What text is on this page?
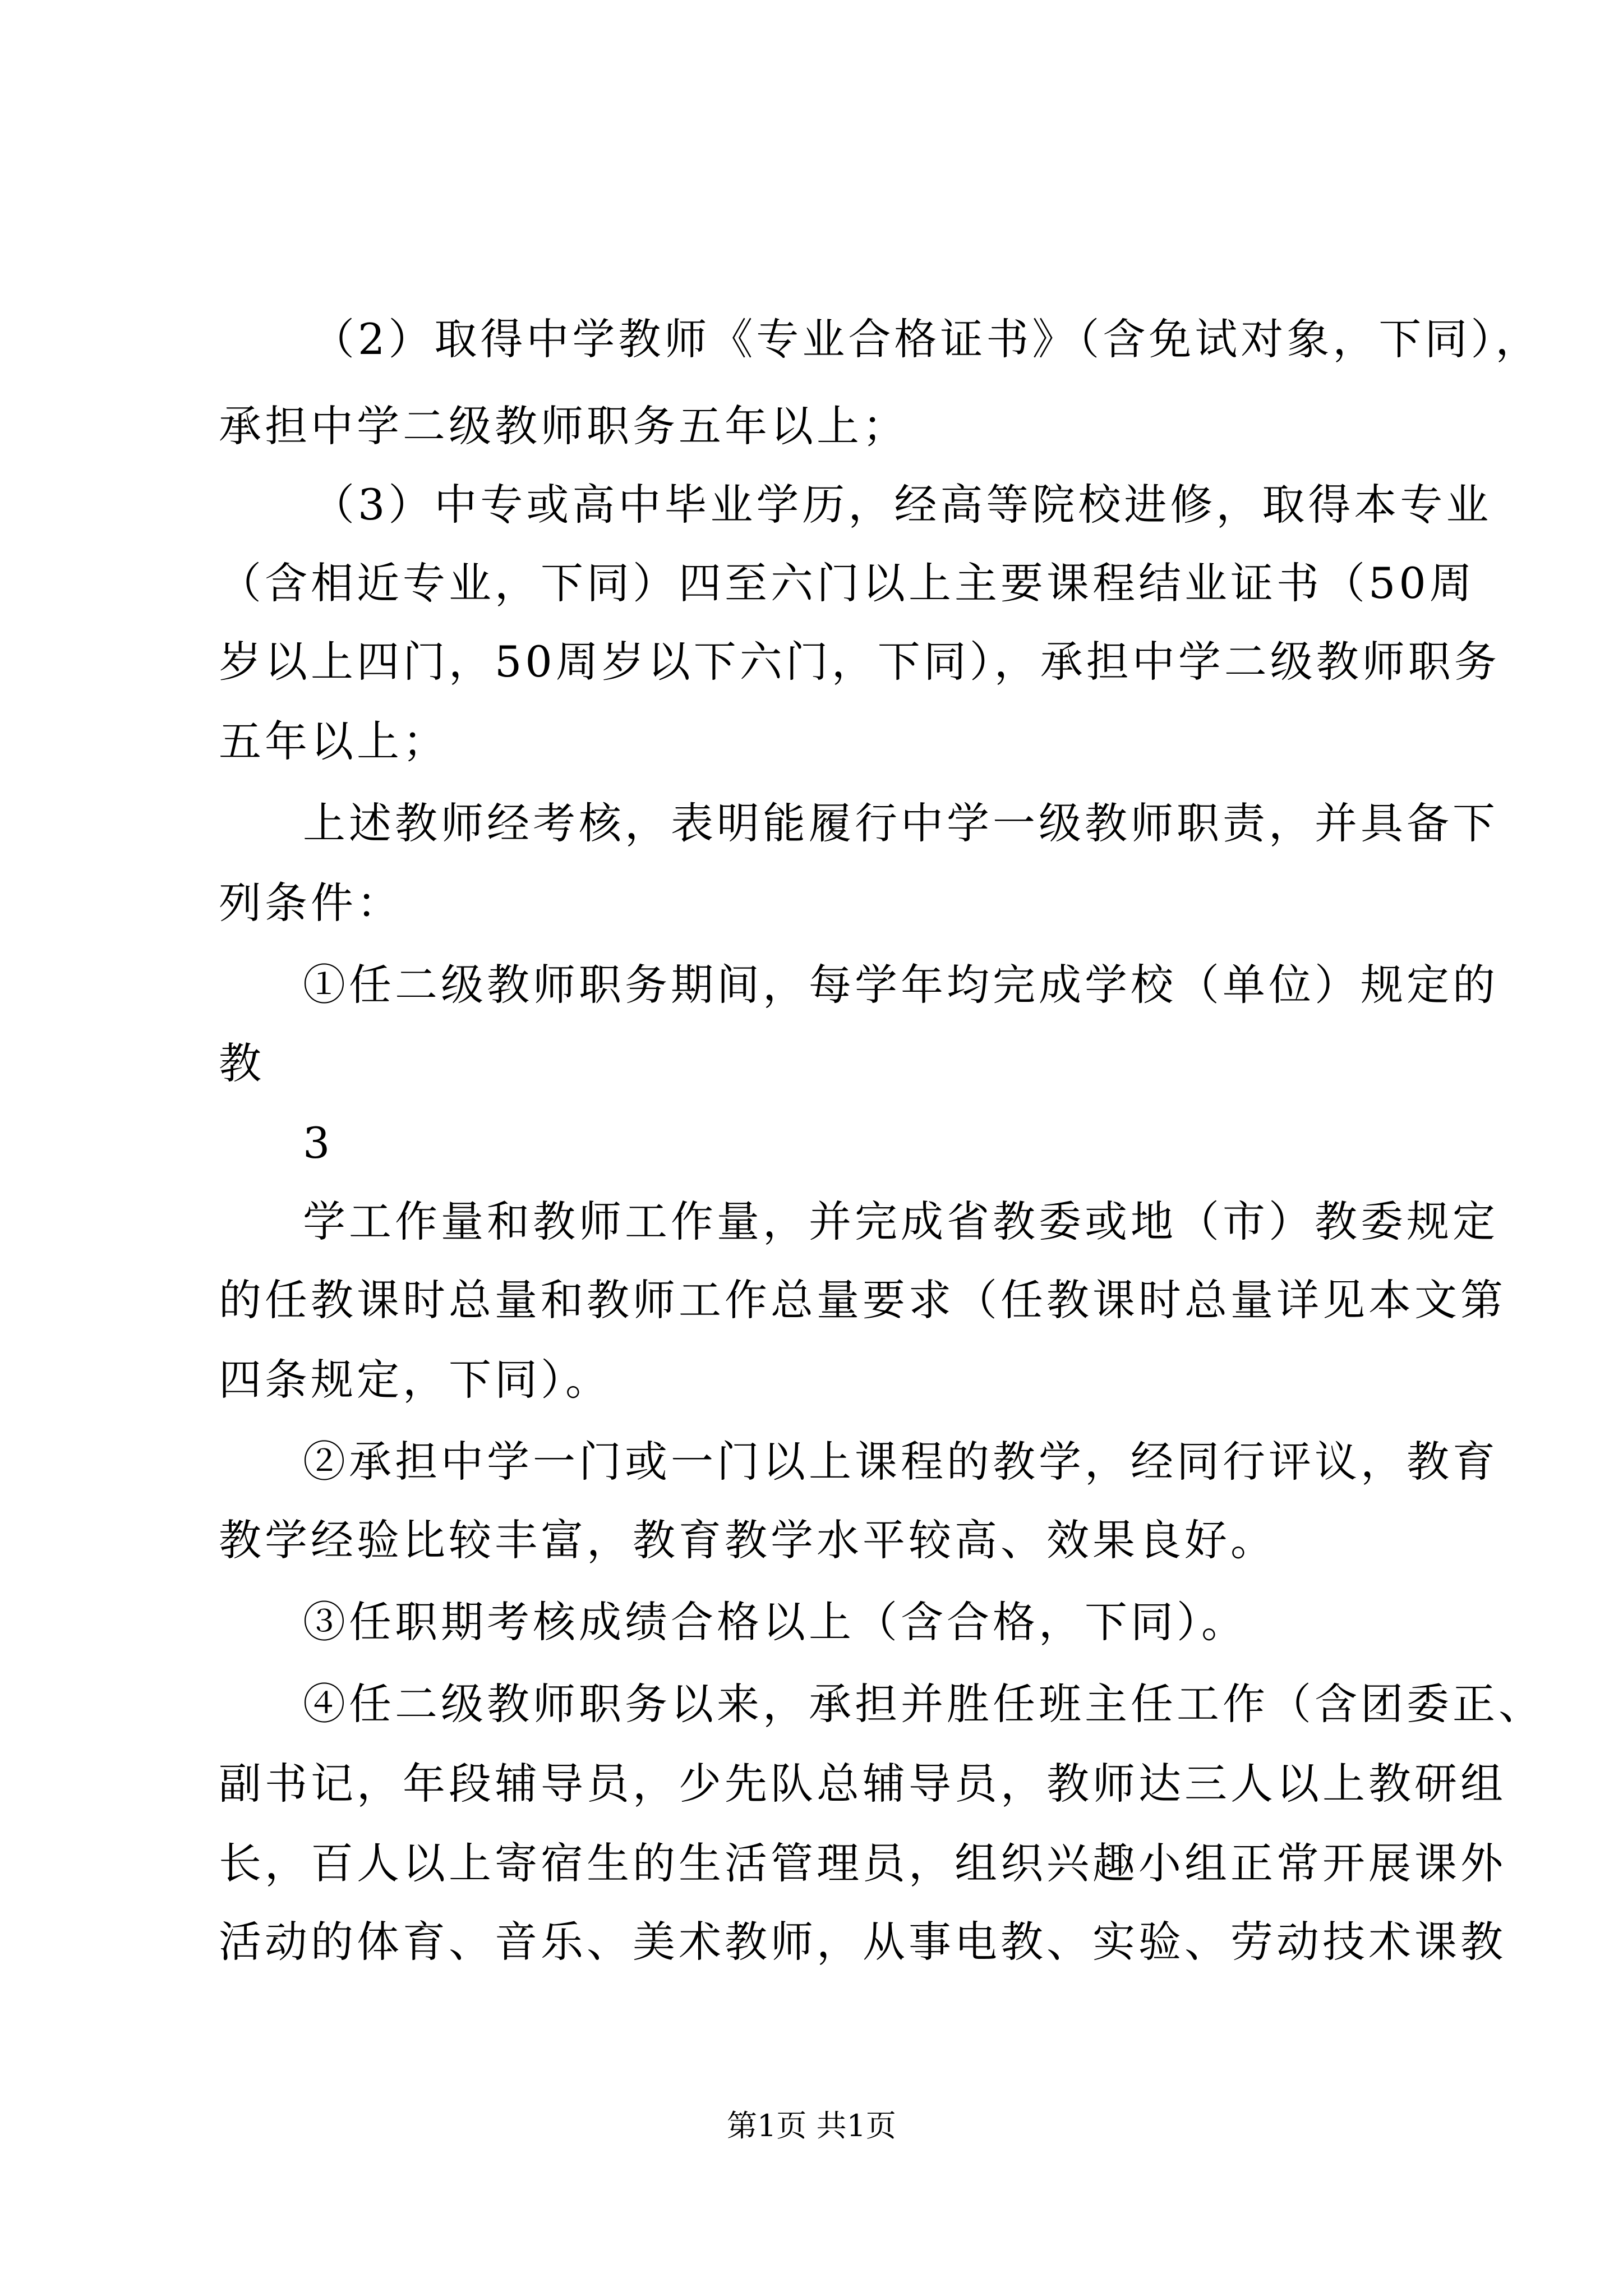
（2）取得中学教师《专业合格证书》（含免试对象，下同），
承担中学二级教师职务五年以上；
（3）中专或高中毕业学历，经高等院校进修，取得本专业
（含相近专业，下同）四至六门以上主要课程结业证书（50周
岁以上四门，50周岁以下六门，下同），承担中学二级教师职务
五年以上；
上述教师经考核，表明能履行中学一级教师职责，并具备下
列条件：
①任二级教师职务期间，每学年均完成学校（单位）规定的
教
3
学工作量和教师工作量，并完成省教委或地（市）教委规定
的任教课时总量和教师工作总量要求（任教课时总量详见本文第
四条规定，下同）。
②承担中学一门或一门以上课程的教学，经同行评议，教育
教学经验比较丰富，教育教学水平较高、效果良好。
③任职期考核成绩合格以上（含合格，下同）。
④任二级教师职务以来，承担并胜任班主任工作（含团委正、
副书记，年段辅导员，少先队总辅导员，教师达三人以上教研组
长，百人以上寄宿生的生活管理员，组织兴趣小组正常开展课外
活动的体育、音乐、美术教师，从事电教、实验、劳动技术课教
第1页 共1页
